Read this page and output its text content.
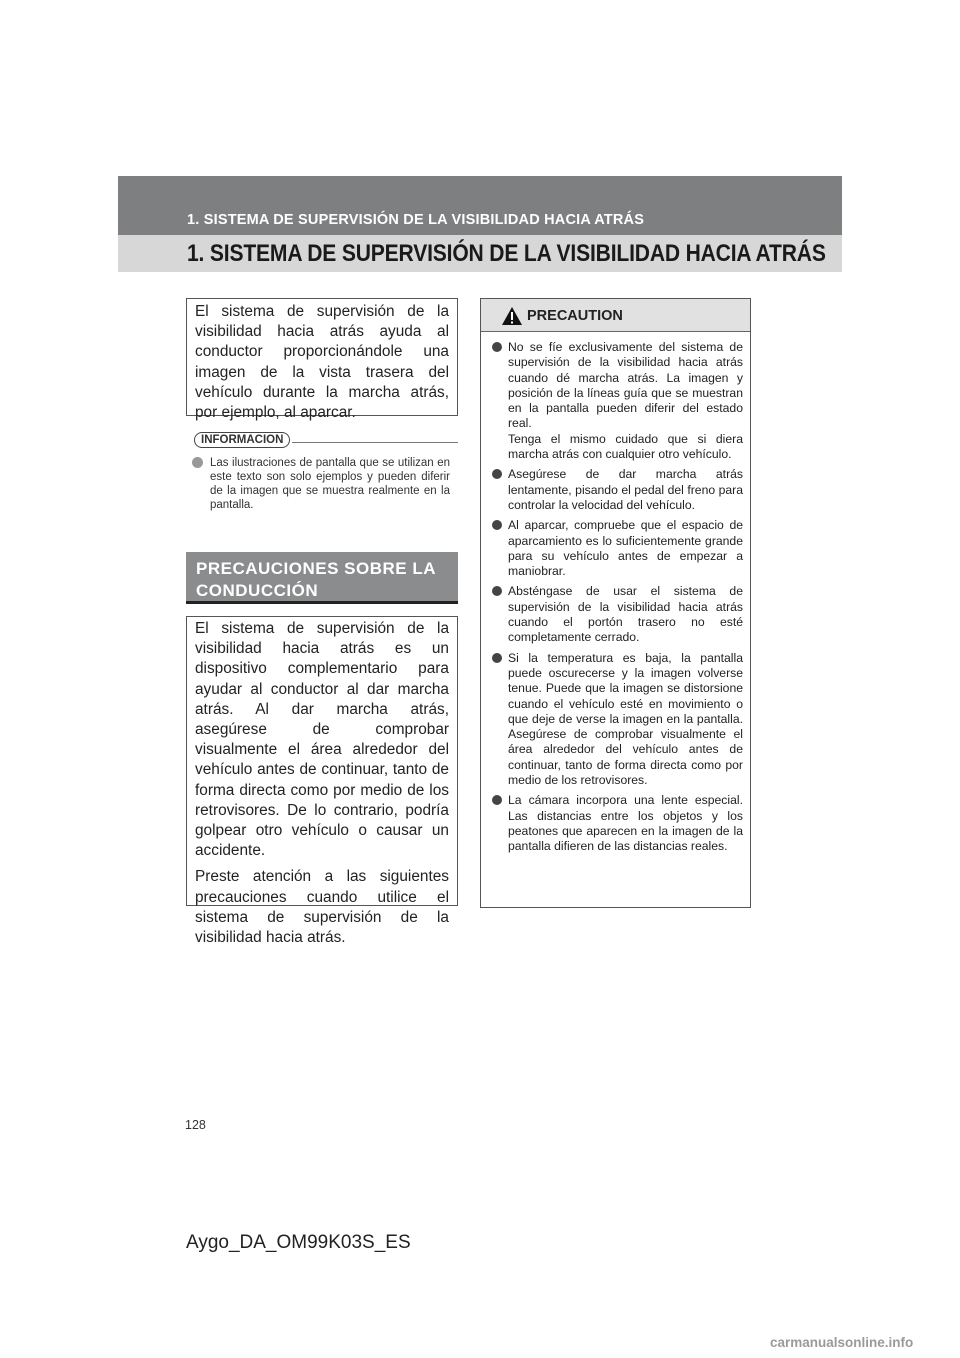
1. SISTEMA DE SUPERVISIÓN DE LA VISIBILIDAD HACIA ATRÁS
1. SISTEMA DE SUPERVISIÓN DE LA VISIBILIDAD HACIA ATRÁS

El sistema de supervisión de la visibilidad hacia atrás ayuda al conductor proporcionándole una imagen de la vista trasera del vehículo durante la marcha atrás, por ejemplo, al aparcar.

INFORMACION
Las ilustraciones de pantalla que se utilizan en este texto son solo ejemplos y pueden diferir de la imagen que se muestra realmente en la pantalla.
PRECAUCIONES SOBRE LA CONDUCCIÓN

El sistema de supervisión de la visibilidad hacia atrás es un dispositivo complementario para ayudar al conductor al dar marcha atrás. Al dar marcha atrás, asegúrese de comprobar visualmente el área alrededor del vehículo antes de continuar, tanto de forma directa como por medio de los retrovisores. De lo contrario, podría golpear otro vehículo o causar un accidente.

Preste atención a las siguientes precauciones cuando utilice el sistema de supervisión de la visibilidad hacia atrás.

PRECAUTION
No se fíe exclusivamente del sistema de supervisión de la visibilidad hacia atrás cuando dé marcha atrás. La imagen y posición de la líneas guía que se muestran en la pantalla pueden diferir del estado real.
Tenga el mismo cuidado que si diera marcha atrás con cualquier otro vehículo.
Asegúrese de dar marcha atrás lentamente, pisando el pedal del freno para controlar la velocidad del vehículo.
Al aparcar, compruebe que el espacio de aparcamiento es lo suficientemente grande para su vehículo antes de empezar a maniobrar.
Absténgase de usar el sistema de supervisión de la visibilidad hacia atrás cuando el portón trasero no esté completamente cerrado.
Si la temperatura es baja, la pantalla puede oscurecerse y la imagen volverse tenue. Puede que la imagen se distorsione cuando el vehículo esté en movimiento o que deje de verse la imagen en la pantalla. Asegúrese de comprobar visualmente el área alrededor del vehículo antes de continuar, tanto de forma directa como por medio de los retrovisores.
La cámara incorpora una lente especial. Las distancias entre los objetos y los peatones que aparecen en la imagen de la pantalla difieren de las distancias reales.
128
Aygo_DA_OM99K03S_ES
carmanualsonline.info
